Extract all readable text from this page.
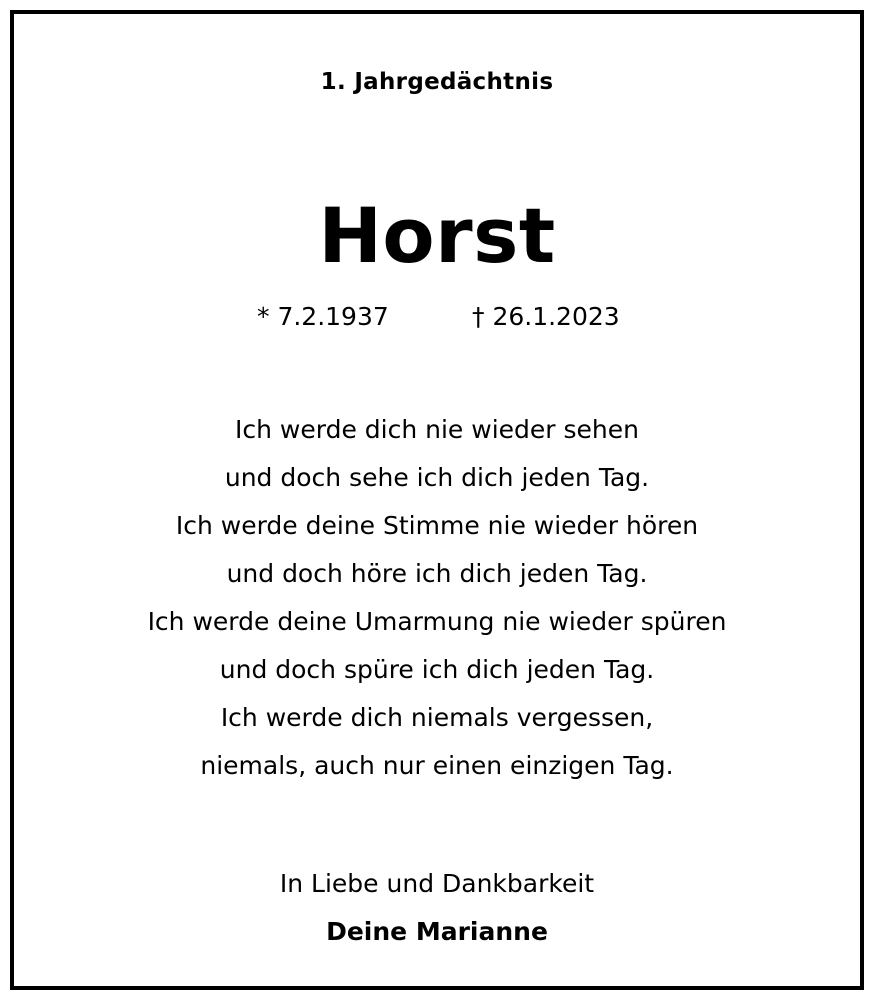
1. Jahrgedächtnis
Horst
* 7.2.1937	† 26.1.2023
Ich werde dich nie wieder sehen
und doch sehe ich dich jeden Tag.
Ich werde deine Stimme nie wieder hören
und doch höre ich dich jeden Tag.
Ich werde deine Umarmung nie wieder spüren
und doch spüre ich dich jeden Tag.
Ich werde dich niemals vergessen,
niemals, auch nur einen einzigen Tag.
In Liebe und Dankbarkeit
Deine Marianne
